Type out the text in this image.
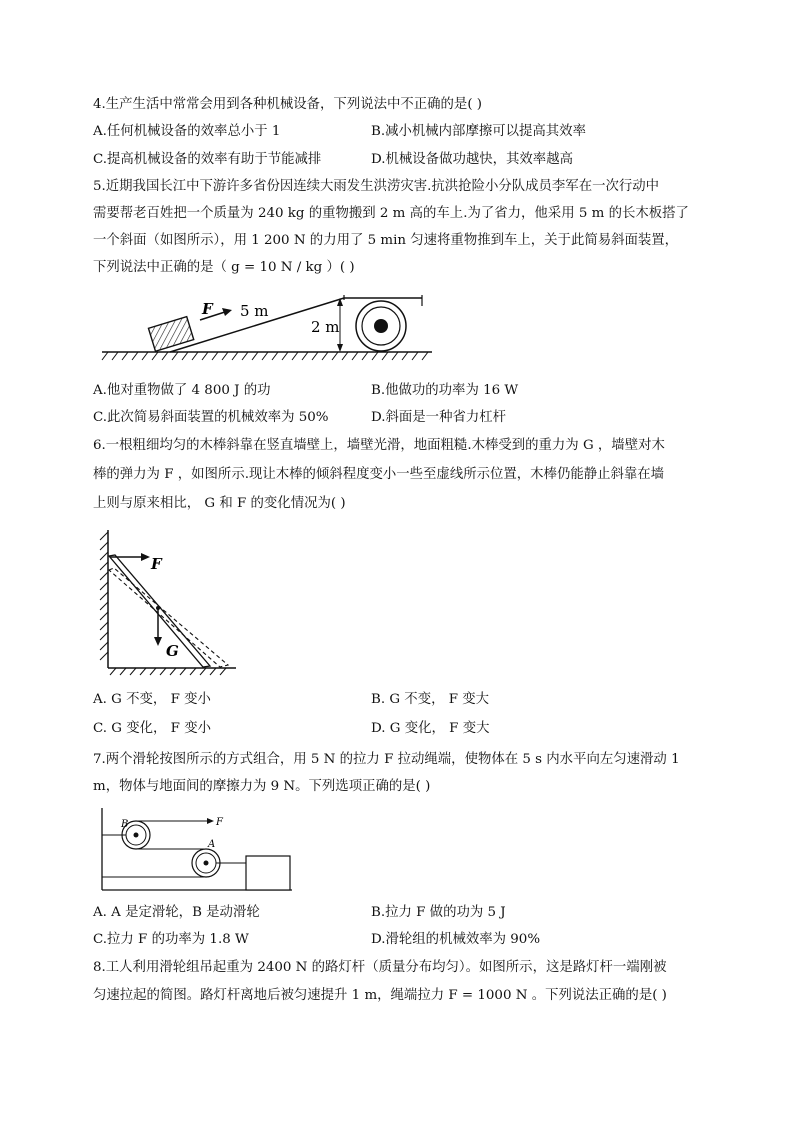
4.生产生活中常常会用到各种机械设备，下列说法中不正确的是( )
A.任何机械设备的效率总小于 1	B.减小机械内部摩擦可以提高其效率
C.提高机械设备的效率有助于节能减排	D.机械设备做功越快，其效率越高
5.近期我国长江中下游许多省份因连续大雨发生洪涝灾害.抗洪抢险小分队成员李军在一次行动中
需要帮老百姓把一个质量为 240 kg 的重物搬到 2 m 高的车上.为了省力，他采用 5 m 的长木板搭了
一个斜面（如图所示），用 1 200 N 的力用了 5 min 匀速将重物推到车上，关于此简易斜面装置，
下列说法中正确的是（ g = 10 N / kg ）( )
F 5 m
2 m
A.他对重物做了 4 800 J 的功	B.他做功的功率为 16 W
C.此次简易斜面装置的机械效率为 50%	D.斜面是一种省力杠杆
6.一根粗细均匀的木棒斜靠在竖直墙壁上，墙壁光滑，地面粗糙.木棒受到的重力为 G ，墙壁对木
棒的弹力为 F ，如图所示.现让木棒的倾斜程度变小一些至虚线所示位置，木棒仍能静止斜靠在墙
上则与原来相比， G 和 F 的变化情况为( )
F
G
A. G 不变， F 变小	B. G 不变， F 变大
C. G 变化， F 变小	D. G 变化， F 变大
7.两个滑轮按图所示的方式组合，用 5 N 的拉力 F 拉动绳端，使物体在 5 s 内水平向左匀速滑动 1
m，物体与地面间的摩擦力为 9 N。下列选项正确的是( )
B	F
A
A. A 是定滑轮，B 是动滑轮	B.拉力 F 做的功为 5 J
C.拉力 F 的功率为 1.8 W	D.滑轮组的机械效率为 90%
8.工人利用滑轮组吊起重为 2400 N 的路灯杆（质量分布均匀）。如图所示，这是路灯杆一端刚被
匀速拉起的简图。路灯杆离地后被匀速提升 1 m，绳端拉力 F = 1000 N 。下列说法正确的是( )
